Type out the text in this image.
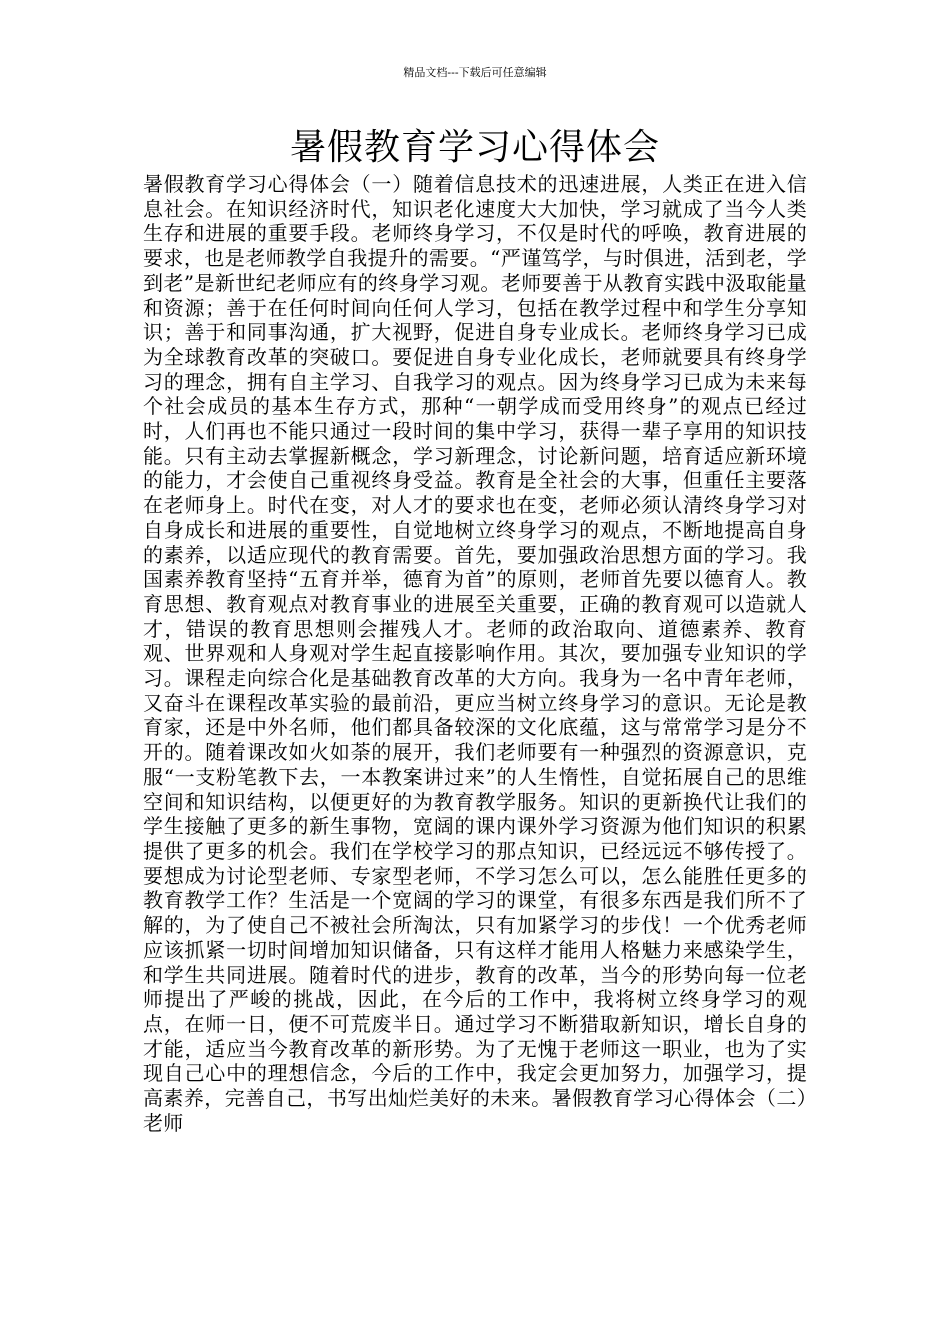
精品文档---下载后可任意编辑
暑假教育学习心得体会

暑假教育学习心得体会（一）随着信息技术的迅速进展，人类正在进入信息社会。在知识经济时代，知识老化速度大大加快，学习就成了当今人类生存和进展的重要手段。老师终身学习，不仅是时代的呼唤，教育进展的要求，也是老师教学自我提升的需要。“严谨笃学，与时俱进，活到老，学到老”是新世纪老师应有的终身学习观。老师要善于从教育实践中汲取能量和资源；善于在任何时间向任何人学习，包括在教学过程中和学生分享知识；善于和同事沟通，扩大视野，促进自身专业成长。老师终身学习已成为全球教育改革的突破口。要促进自身专业化成长，老师就要具有终身学习的理念，拥有自主学习、自我学习的观点。因为终身学习已成为未来每个社会成员的基本生存方式，那种“一朝学成而受用终身”的观点已经过时，人们再也不能只通过一段时间的集中学习，获得一辈子享用的知识技能。只有主动去掌握新概念，学习新理念，讨论新问题，培育适应新环境的能力，才会使自己重视终身受益。教育是全社会的大事，但重任主要落在老师身上。时代在变，对人才的要求也在变，老师必须认清终身学习对自身成长和进展的重要性，自觉地树立终身学习的观点，不断地提高自身的素养，以适应现代的教育需要。首先，要加强政治思想方面的学习。我国素养教育坚持“五育并举，德育为首”的原则，老师首先要以德育人。教育思想、教育观点对教育事业的进展至关重要，正确的教育观可以造就人才，错误的教育思想则会摧残人才。老师的政治取向、道德素养、教育观、世界观和人身观对学生起直接影响作用。其次，要加强专业知识的学习。课程走向综合化是基础教育改革的大方向。我身为一名中青年老师，又奋斗在课程改革实验的最前沿，更应当树立终身学习的意识。无论是教育家，还是中外名师，他们都具备较深的文化底蕴，这与常常学习是分不开的。随着课改如火如荼的展开，我们老师要有一种强烈的资源意识，克服“一支粉笔教下去，一本教案讲过来”的人生惰性，自觉拓展自己的思维空间和知识结构，以便更好的为教育教学服务。知识的更新换代让我们的学生接触了更多的新生事物，宽阔的课内课外学习资源为他们知识的积累提供了更多的机会。我们在学校学习的那点知识，已经远远不够传授了。要想成为讨论型老师、专家型老师，不学习怎么可以，怎么能胜任更多的教育教学工作？生活是一个宽阔的学习的课堂，有很多东西是我们所不了解的，为了使自己不被社会所淘汰，只有加紧学习的步伐！一个优秀老师应该抓紧一切时间增加知识储备，只有这样才能用人格魅力来感染学生，和学生共同进展。随着时代的进步，教育的改革，当今的形势向每一位老师提出了严峻的挑战，因此，在今后的工作中，我将树立终身学习的观点，在师一日，便不可荒废半日。通过学习不断猎取新知识，增长自身的才能，适应当今教育改革的新形势。为了无愧于老师这一职业，也为了实现自己心中的理想信念，今后的工作中，我定会更加努力，加强学习，提高素养，完善自己，书写出灿烂美好的未来。暑假教育学习心得体会（二）老师
